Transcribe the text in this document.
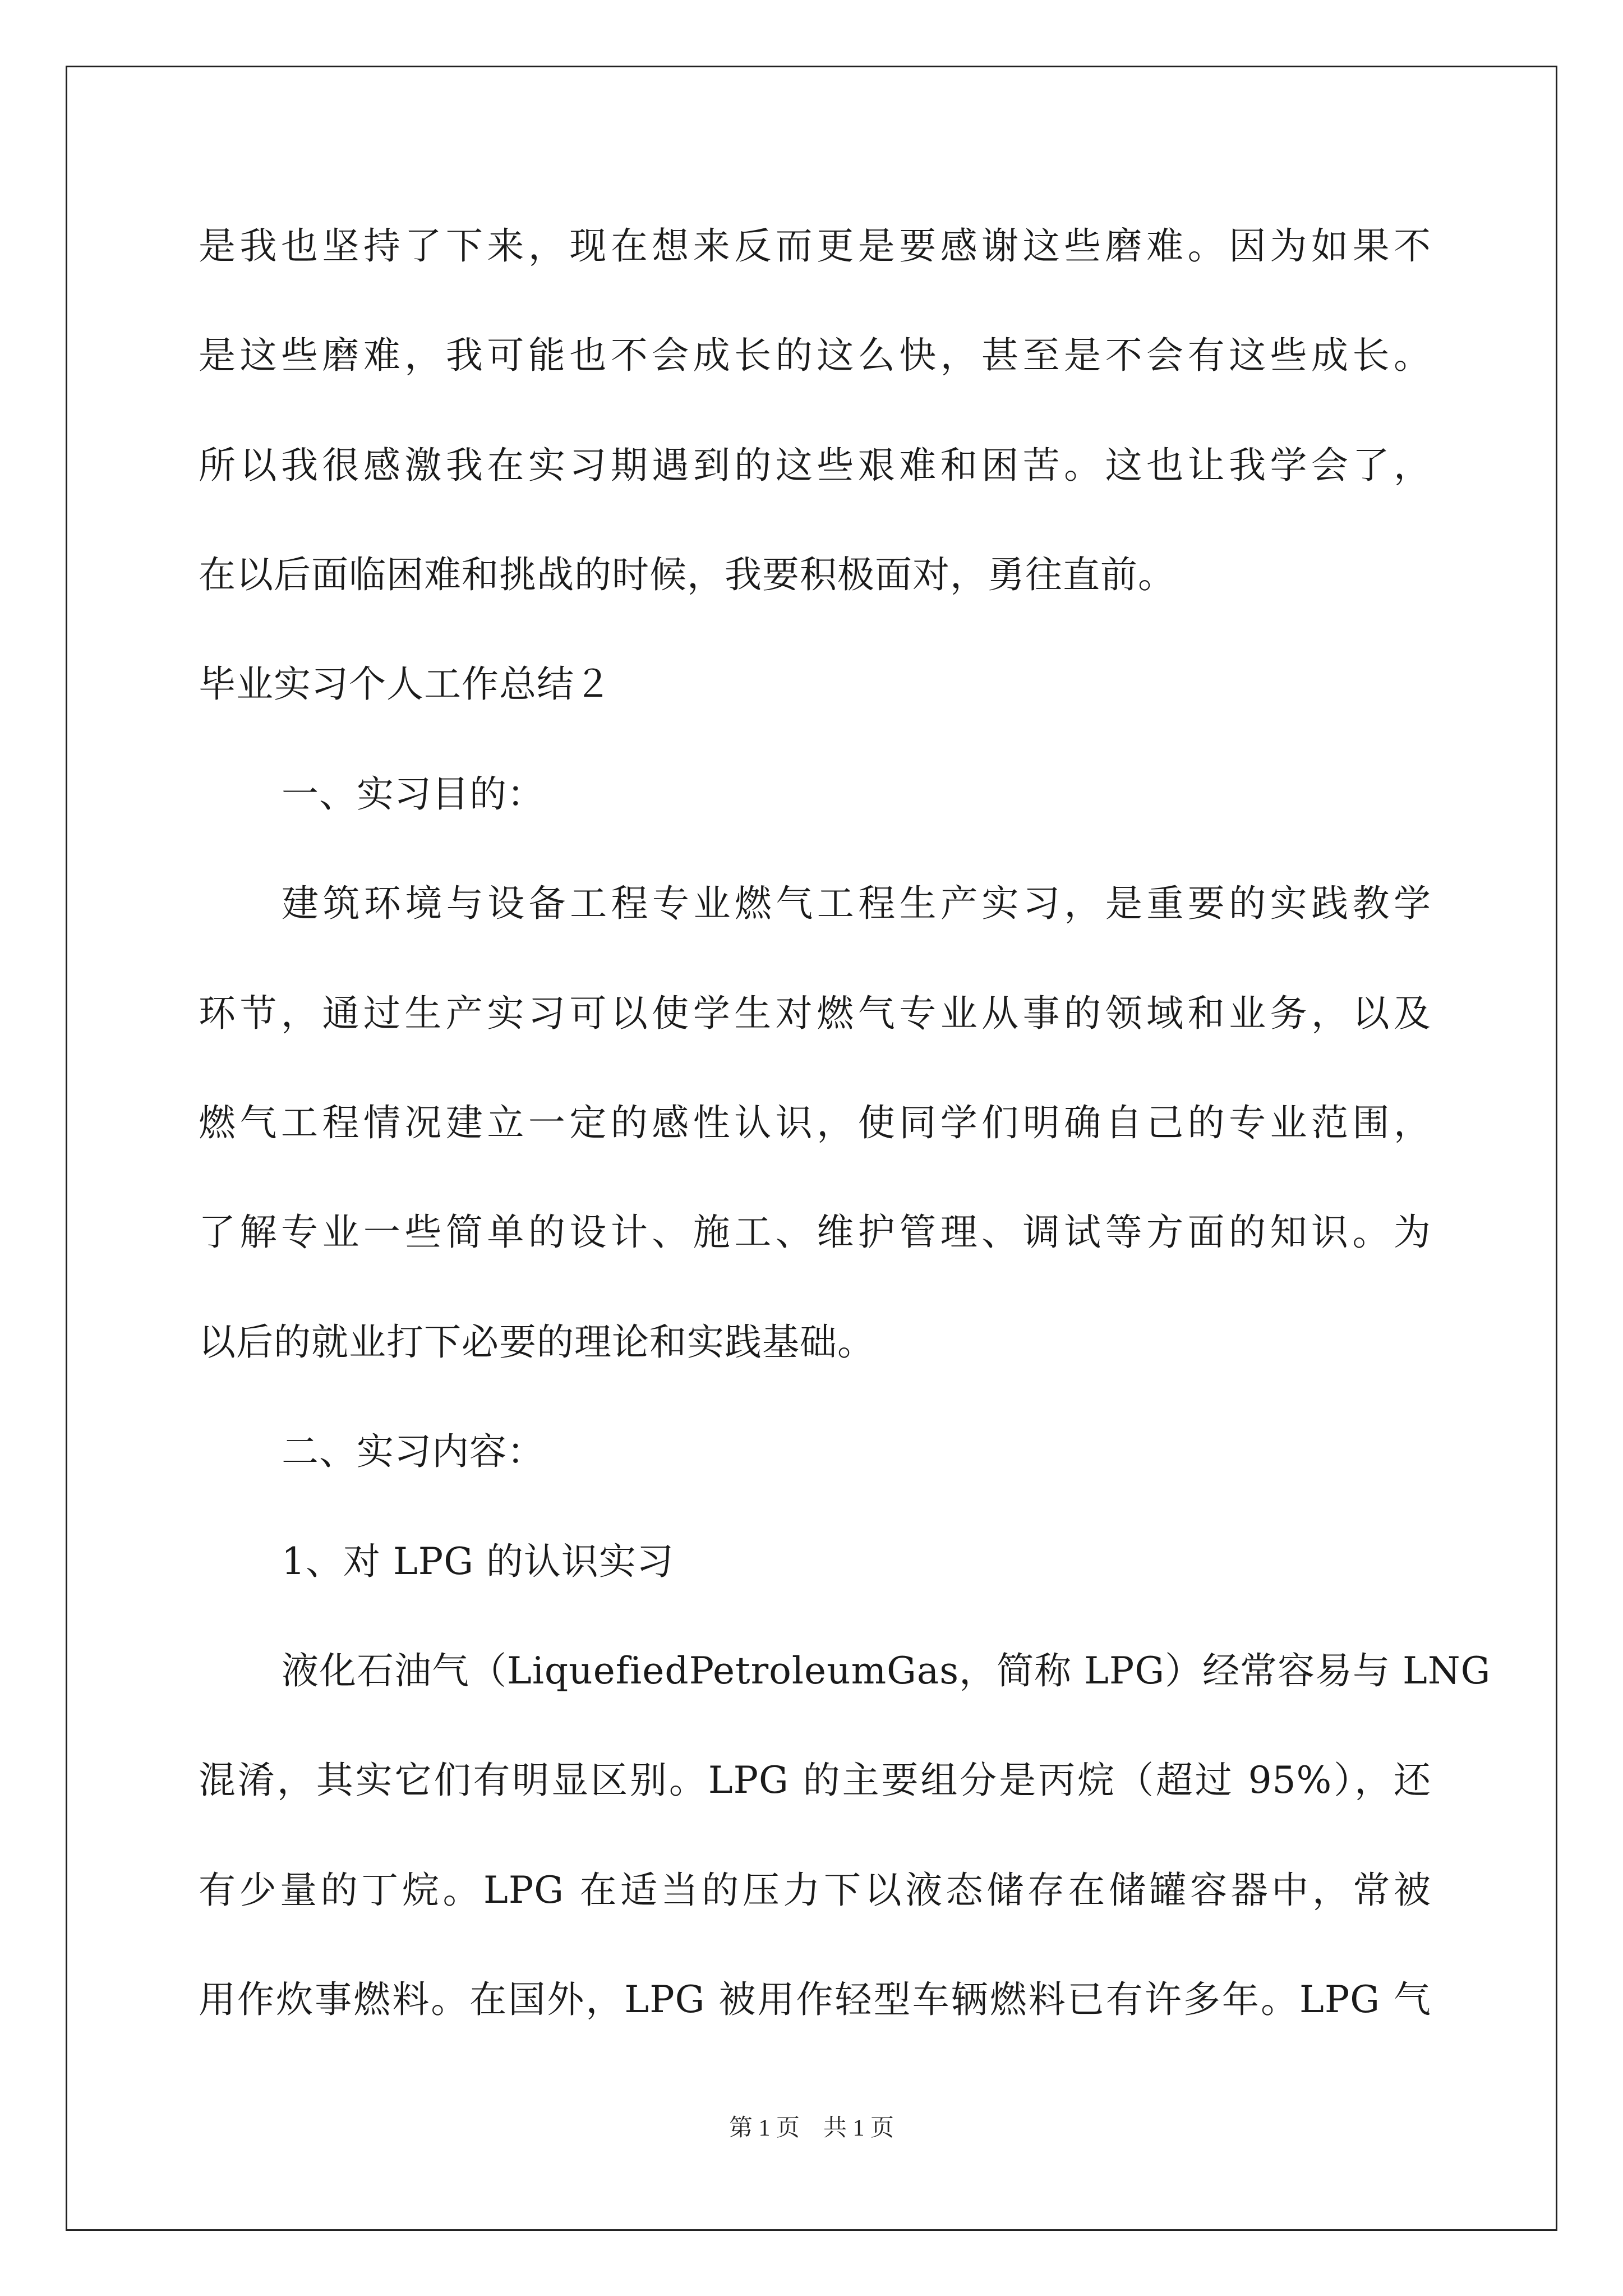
是我也坚持了下来，现在想来反而更是要感谢这些磨难。因为如果不
是这些磨难，我可能也不会成长的这么快，甚至是不会有这些成长。
所以我很感激我在实习期遇到的这些艰难和困苦。这也让我学会了，
在以后面临困难和挑战的时候，我要积极面对，勇往直前。
毕业实习个人工作总结２
一、实习目的：
建筑环境与设备工程专业燃气工程生产实习，是重要的实践教学
环节，通过生产实习可以使学生对燃气专业从事的领域和业务，以及
燃气工程情况建立一定的感性认识，使同学们明确自己的专业范围，
了解专业一些简单的设计、施工、维护管理、调试等方面的知识。为
以后的就业打下必要的理论和实践基础。
二、实习内容：
1、对 LPG 的认识实习
液化石油气（LiquefiedPetroleumGas，简称 LPG）经常容易与 LNG
混淆，其实它们有明显区别。LPG 的主要组分是丙烷（超过 95%），还
有少量的丁烷。LPG 在适当的压力下以液态储存在储罐容器中，常被
用作炊事燃料。在国外，LPG 被用作轻型车辆燃料已有许多年。LPG 气
第 1 页　共 1 页
